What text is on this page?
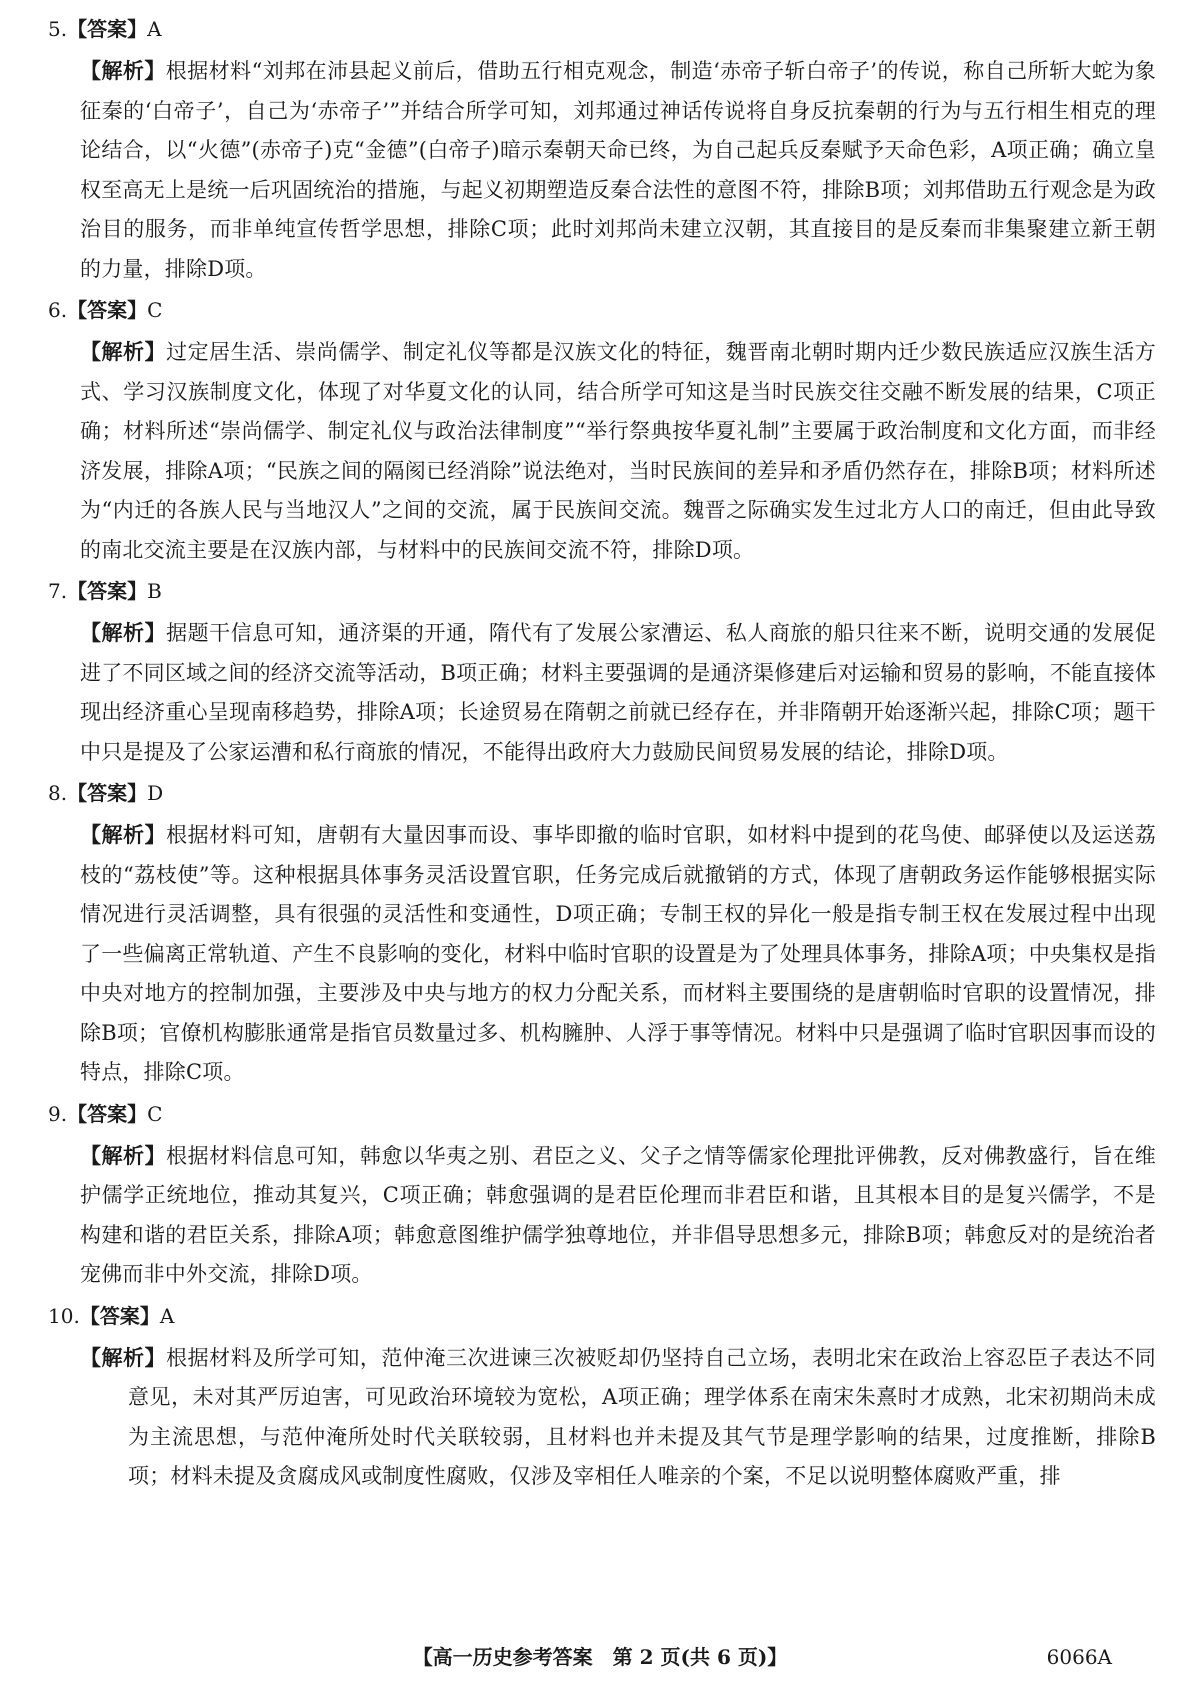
5.【答案】A
【解析】根据材料“刘邦在沛县起义前后，借助五行相克观念，制造‘赤帝子斩白帝子’的传说，称自己所斩大蛇为象征秦的‘白帝子’，自己为‘赤帝子’”并结合所学可知，刘邦通过神话传说将自身反抗秦朝的行为与五行相生相克的理论结合，以“火德”(赤帝子)克“金德”(白帝子)暗示秦朝天命已终，为自己起兵反秦赋予天命色彩，A项正确；确立皇权至高无上是统一后巩固统治的措施，与起义初期塑造反秦合法性的意图不符，排除B项；刘邦借助五行观念是为政治目的服务，而非单纯宣传哲学思想，排除C项；此时刘邦尚未建立汉朝，其直接目的是反秦而非集聚建立新王朝的力量，排除D项。
6.【答案】C
【解析】过定居生活、崇尚儒学、制定礼仪等都是汉族文化的特征，魏晋南北朝时期内迁少数民族适应汉族生活方式、学习汉族制度文化，体现了对华夏文化的认同，结合所学可知这是当时民族交往交融不断发展的结果，C项正确；材料所述“崇尚儒学、制定礼仪与政治法律制度”“举行祭典按华夏礼制”主要属于政治制度和文化方面，而非经济发展，排除A项；“民族之间的隔阂已经消除”说法绝对，当时民族间的差异和矛盾仍然存在，排除B项；材料所述为“内迁的各族人民与当地汉人”之间的交流，属于民族间交流。魏晋之际确实发生过北方人口的南迁，但由此导致的南北交流主要是在汉族内部，与材料中的民族间交流不符，排除D项。
7.【答案】B
【解析】据题干信息可知，通济渠的开通，隋代有了发展公家漕运、私人商旅的船只往来不断，说明交通的发展促进了不同区域之间的经济交流等活动，B项正确；材料主要强调的是通济渠修建后对运输和贸易的影响，不能直接体现出经济重心呈现南移趋势，排除A项；长途贸易在隋朝之前就已经存在，并非隋朝开始逐渐兴起，排除C项；题干中只是提及了公家运漕和私行商旅的情况，不能得出政府大力鼓励民间贸易发展的结论，排除D项。
8.【答案】D
【解析】根据材料可知，唐朝有大量因事而设、事毕即撤的临时官职，如材料中提到的花鸟使、邮驿使以及运送荔枝的“荔枝使”等。这种根据具体事务灵活设置官职，任务完成后就撤销的方式，体现了唐朝政务运作能够根据实际情况进行灵活调整，具有很强的灵活性和变通性，D项正确；专制王权的异化一般是指专制王权在发展过程中出现了一些偏离正常轨道、产生不良影响的变化，材料中临时官职的设置是为了处理具体事务，排除A项；中央集权是指中央对地方的控制加强，主要涉及中央与地方的权力分配关系，而材料主要围绕的是唐朝临时官职的设置情况，排除B项；官僚机构膨胀通常是指官员数量过多、机构臃肿、人浮于事等情况。材料中只是强调了临时官职因事而设的特点，排除C项。
9.【答案】C
【解析】根据材料信息可知，韩愈以华夷之别、君臣之义、父子之情等儒家伦理批评佛教，反对佛教盛行，旨在维护儒学正统地位，推动其复兴，C项正确；韩愈强调的是君臣伦理而非君臣和谐，且其根本目的是复兴儒学，不是构建和谐的君臣关系，排除A项；韩愈意图维护儒学独尊地位，并非倡导思想多元，排除B项；韩愈反对的是统治者宠佛而非中外交流，排除D项。
10.【答案】A
【解析】根据材料及所学可知，范仲淹三次进谏三次被贬却仍坚持自己立场，表明北宋在政治上容忍臣子表达不同意见，未对其严厉迫害，可见政治环境较为宽松，A项正确；理学体系在南宋朱熹时才成熟，北宋初期尚未成为主流思想，与范仲淹所处时代关联较弱，且材料也并未提及其气节是理学影响的结果，过度推断，排除B项；材料未提及贪腐成风或制度性腐败，仅涉及宰相任人唯亲的个案，不足以说明整体腐败严重，排
【高一历史参考答案　第 2 页(共 6 页)】	6066A
